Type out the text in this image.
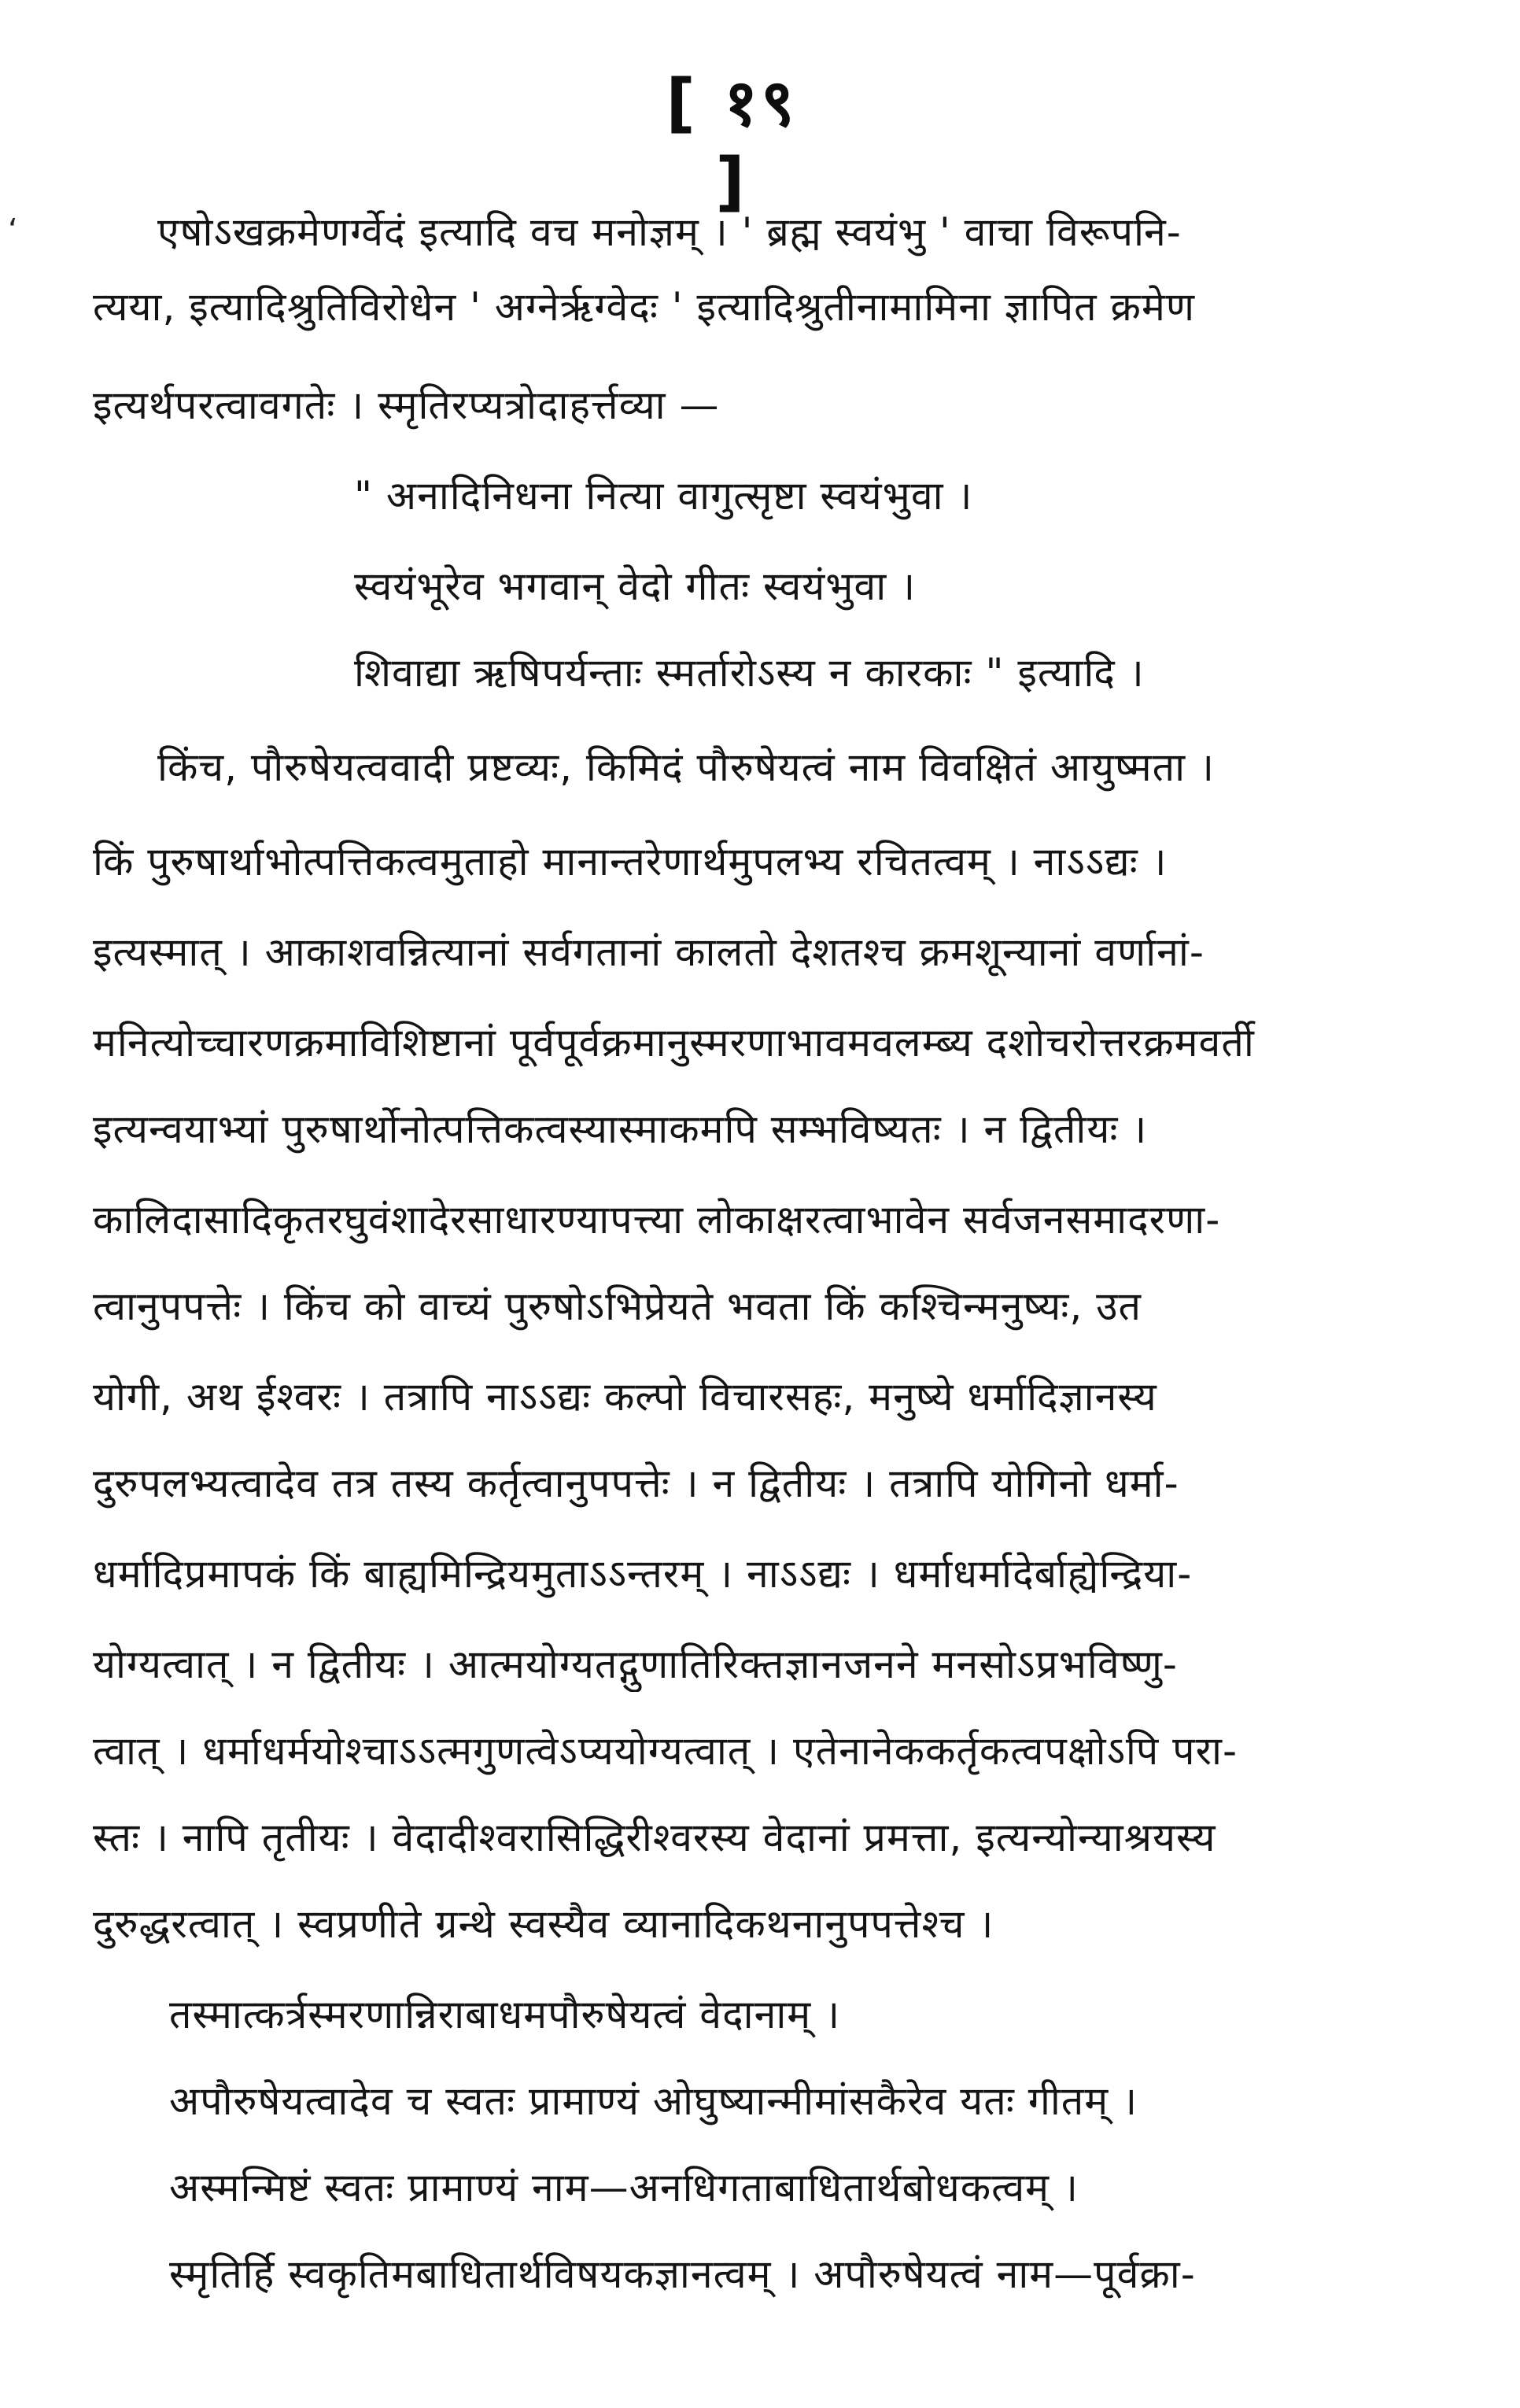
[ १९ ]
एषोऽखक्रमेणर्ग्वेदं इत्यादि वच मनोज्ञम् । ' ब्रह्म स्वयंभु ' वाचा विरूपनि-
त्यया, इत्यादिश्रुतिविरोधेन ' अग्नेर्ऋग्वेदः ' इत्यादिश्रुतीनामामिना ज्ञापित क्रमेण
इत्यर्थपरत्वावगतेः । स्मृतिरप्यत्रोदाहर्त्तव्या —
" अनादिनिधना नित्या वागुत्सृष्टा स्वयंभुवा ।
स्वयंभूरेव भगवान् वेदो गीतः स्वयंभुवा ।
शिवाद्या ऋषिपर्यन्ताः स्मर्तारोऽस्य न कारकाः " इत्यादि ।
किंच, पौरुषेयत्ववादी प्रष्टव्यः, किमिदं पौरुषेयत्वं नाम विवक्षितं आयुष्मता ।
किं पुरुषार्थाभोत्पत्तिकत्वमुताहो मानान्तरेणार्थमुपलभ्य रचितत्वम् । नाऽऽद्यः ।
इत्यस्मात् । आकाशवन्नित्यानां सर्वगतानां कालतो देशतश्च क्रमशून्यानां वर्णानां-
मनित्योच्चारणक्रमाविशिष्टानां पूर्वपूर्वक्रमानुस्मरणाभावमवलम्ब्य दशोचरोत्तरक्रमवर्ती
इत्यन्वयाभ्यां पुरुषार्थोनोत्पत्तिकत्वस्यास्माकमपि सम्भविष्यतः । न द्वितीयः ।
कालिदासादिकृतरघुवंशादेरसाधारण्यापत्त्या लोकाक्षरत्वाभावेन सर्वजनसमादरणा-
त्वानुपपत्तेः । किंच को वाच्यं पुरुषोऽभिप्रेयते भवता किं कश्चिन्मनुष्यः, उत
योगी, अथ ईश्वरः । तत्रापि नाऽऽद्यः कल्पो विचारसहः, मनुष्ये धर्मादिज्ञानस्य
दुरुपलभ्यत्वादेव तत्र तस्य कर्तृत्वानुपपत्तेः । न द्वितीयः । तत्रापि योगिनो धर्मा-
धर्मादिप्रमापकं किं बाह्यमिन्द्रियमुताऽऽन्तरम् । नाऽऽद्यः । धर्माधर्मादेर्बाह्येन्द्रिया-
योग्यत्वात् । न द्वितीयः । आत्मयोग्यतद्गुणातिरिक्तज्ञानजनने मनसोऽप्रभविष्णु-
त्वात् । धर्माधर्मयोश्चाऽऽत्मगुणत्वेऽप्ययोग्यत्वात् । एतेनानेककर्तृकत्वपक्षोऽपि परा-
स्तः । नापि तृतीयः । वेदादीश्वरासिद्धिरीश्वरस्य वेदानां प्रमत्ता, इत्यन्योन्याश्रयस्य
दुरुद्धरत्वात् । स्वप्रणीते ग्रन्थे स्वस्यैव व्यानादिकथनानुपपत्तेश्च ।
तस्मात्कर्त्रस्मरणान्निराबाधमपौरुषेयत्वं वेदानाम् ।
अपौरुषेयत्वादेव च स्वतः प्रामाण्यं ओघुष्यान्मीमांसकैरेव यतः गीतम् ।
अस्मन्मिष्टं स्वतः प्रामाण्यं नाम—अनधिगताबाधितार्थबोधकत्वम् ।
स्मृतिर्हि स्वकृतिमबाधितार्थविषयकज्ञानत्वम् । अपौरुषेयत्वं नाम—पूर्वक्रा-
‘
